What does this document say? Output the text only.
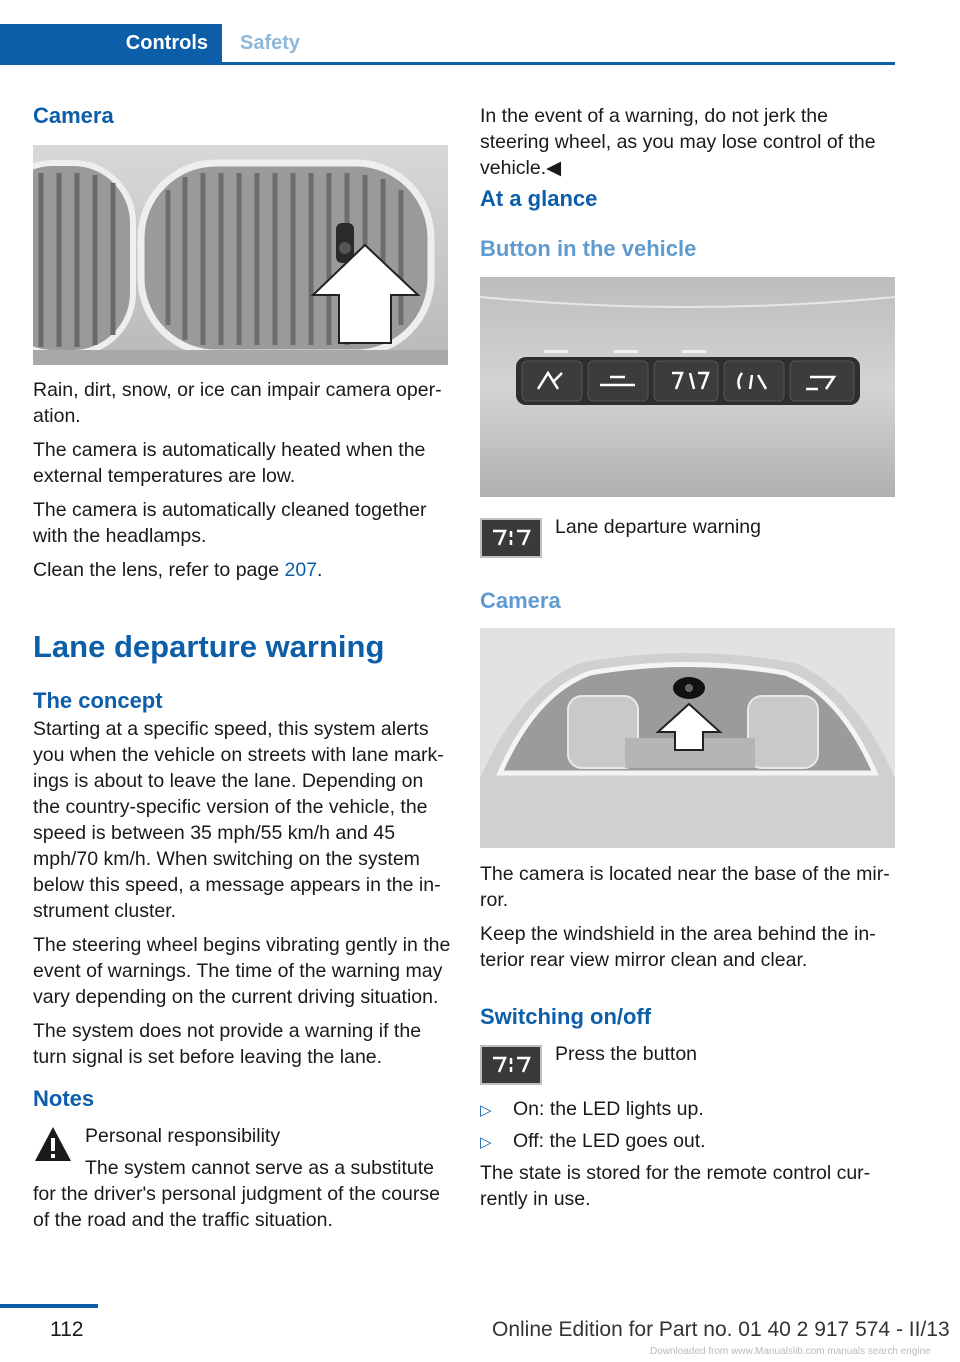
Controls	Safety
Camera

Rain, dirt, snow, or ice can impair camera oper-ation.

The camera is automatically heated when the external temperatures are low.

The camera is automatically cleaned together with the headlamps.

Clean the lens, refer to page 207.

Lane departure warning
The concept

Starting at a specific speed, this system alerts you when the vehicle on streets with lane mark-ings is about to leave the lane. Depending on the country-specific version of the vehicle, the speed is between 35 mph/55 km/h and 45 mph/70 km/h. When switching on the system below this speed, a message appears in the in-strument cluster.

The steering wheel begins vibrating gently in the event of warnings. The time of the warning may vary depending on the current driving situation.

The system does not provide a warning if the turn signal is set before leaving the lane.

Notes
Personal responsibility
The system cannot serve as a substitute for the driver's personal judgment of the course of the road and the traffic situation.
In the event of a warning, do not jerk the steering wheel, as you may lose control of the vehicle.◀
At a glance
Button in the vehicle
Lane departure warning
Camera

The camera is located near the base of the mir-ror.

Keep the windshield in the area behind the in-terior rear view mirror clean and clear.

Switching on/off
Press the button
▷ On: the LED lights up.
▷ Off: the LED goes out.
The state is stored for the remote control cur-rently in use.
112	Online Edition for Part no. 01 40 2 917 574 - II/13
Downloaded from www.Manualslib.com manuals search engine
